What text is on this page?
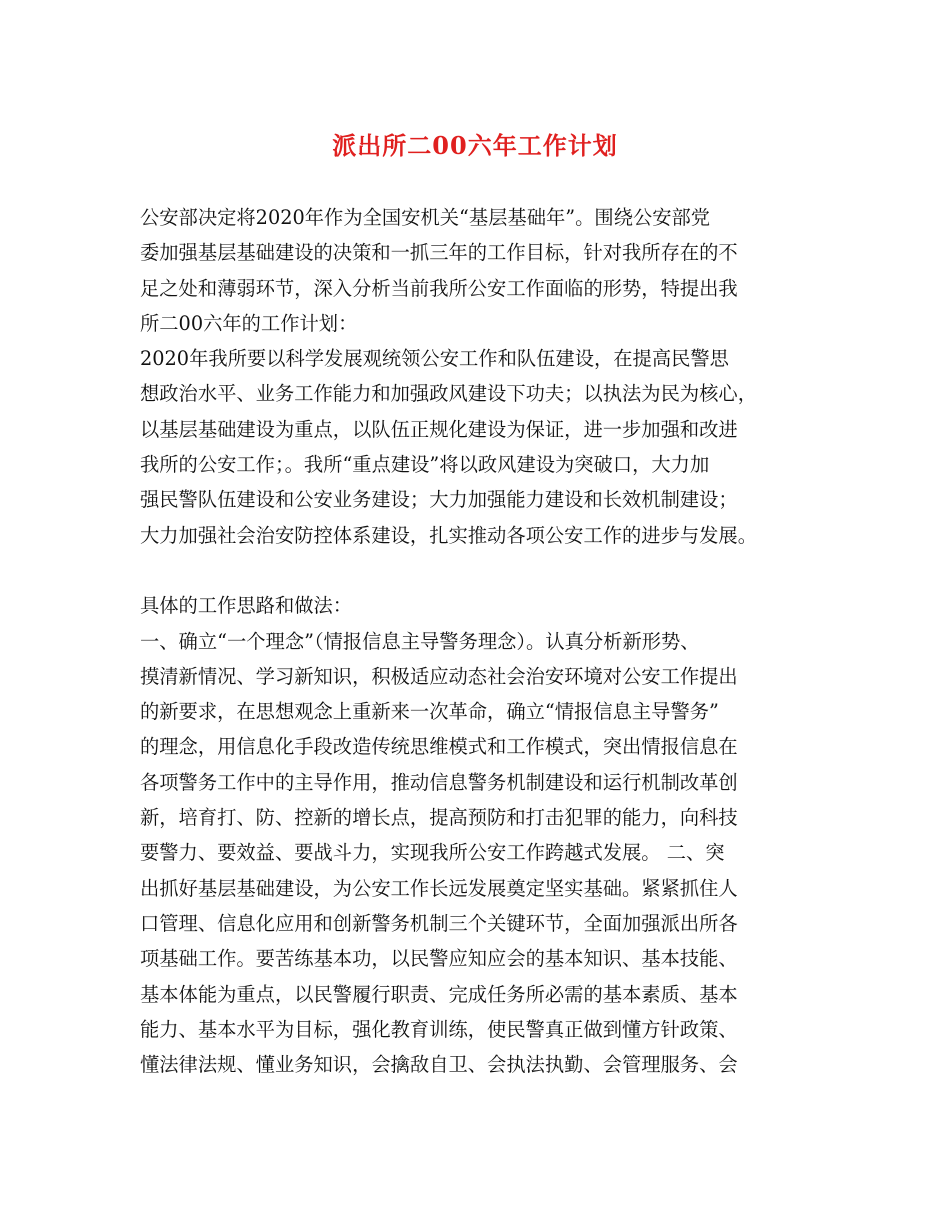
派出所二00六年工作计划
公安部决定将2020年作为全国安机关“基层基础年”。围绕公安部党
委加强基层基础建设的决策和一抓三年的工作目标，针对我所存在的不
足之处和薄弱环节，深入分析当前我所公安工作面临的形势，特提出我
所二00六年的工作计划：
2020年我所要以科学发展观统领公安工作和队伍建设，在提高民警思
想政治水平、业务工作能力和加强政风建设下功夫；以执法为民为核心，
以基层基础建设为重点，以队伍正规化建设为保证，进一步加强和改进
我所的公安工作；。我所“重点建设”将以政风建设为突破口，大力加
强民警队伍建设和公安业务建设；大力加强能力建设和长效机制建设；
大力加强社会治安防控体系建设，扎实推动各项公安工作的进步与发展。
具体的工作思路和做法：
一、确立“一个理念”（情报信息主导警务理念）。认真分析新形势、
摸清新情况、学习新知识，积极适应动态社会治安环境对公安工作提出
的新要求，在思想观念上重新来一次革命，确立“情报信息主导警务”
的理念，用信息化手段改造传统思维模式和工作模式，突出情报信息在
各项警务工作中的主导作用，推动信息警务机制建设和运行机制改革创
新，培育打、防、控新的增长点，提高预防和打击犯罪的能力，向科技
要警力、要效益、要战斗力，实现我所公安工作跨越式发展。 二、突
出抓好基层基础建设，为公安工作长远发展奠定坚实基础。紧紧抓住人
口管理、信息化应用和创新警务机制三个关键环节，全面加强派出所各
项基础工作。要苦练基本功，以民警应知应会的基本知识、基本技能、
基本体能为重点，以民警履行职责、完成任务所必需的基本素质、基本
能力、基本水平为目标，强化教育训练，使民警真正做到懂方针政策、
懂法律法规、懂业务知识，会擒敌自卫、会执法执勤、会管理服务、会
